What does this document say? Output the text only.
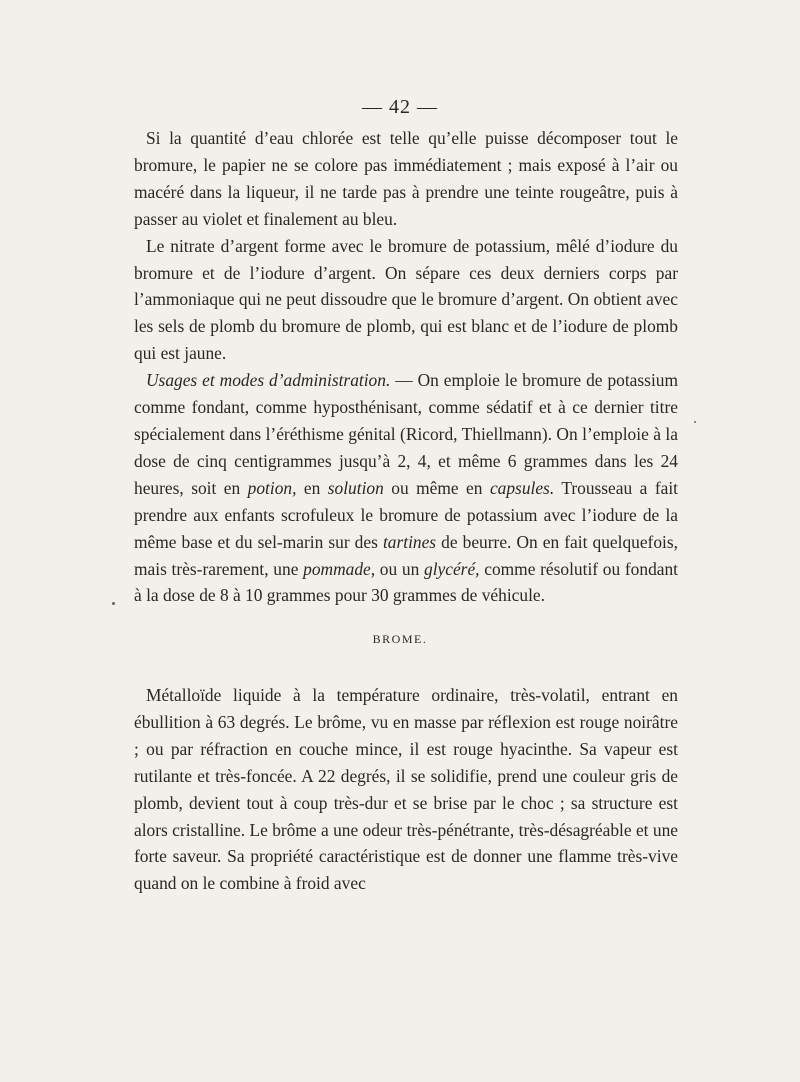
— 42 —

Si la quantité d’eau chlorée est telle qu’elle puisse décomposer tout le bromure, le papier ne se colore pas immédiatement ; mais exposé à l’air ou macéré dans la liqueur, il ne tarde pas à prendre une teinte rougeâtre, puis à passer au violet et finalement au bleu.

Le nitrate d’argent forme avec le bromure de potassium, mêlé d’iodure du bromure et de l’iodure d’argent. On sépare ces deux derniers corps par l’ammoniaque qui ne peut dissoudre que le bromure d’argent. On obtient avec les sels de plomb du bromure de plomb, qui est blanc et de l’iodure de plomb qui est jaune.

Usages et modes d’administration. — On emploie le bromure de potassium comme fondant, comme hyposthénisant, comme sédatif et à ce dernier titre spécialement dans l’éréthisme génital (Ricord, Thiellmann). On l’emploie à la dose de cinq centigrammes jusqu’à 2, 4, et même 6 grammes dans les 24 heures, soit en potion, en solution ou même en capsules. Trousseau a fait prendre aux enfants scrofuleux le bromure de potassium avec l’iodure de la même base et du sel-marin sur des tartines de beurre. On en fait quelquefois, mais très-rarement, une pommade, ou un glycéré, comme résolutif ou fondant à la dose de 8 à 10 grammes pour 30 grammes de véhicule.

BROME.

Métalloïde liquide à la température ordinaire, très-volatil, entrant en ébullition à 63 degrés. Le brôme, vu en masse par réflexion est rouge noirâtre ; ou par réfraction en couche mince, il est rouge hyacinthe. Sa vapeur est rutilante et très-foncée. A 22 degrés, il se solidifie, prend une couleur gris de plomb, devient tout à coup très-dur et se brise par le choc ; sa structure est alors cristalline. Le brôme a une odeur très-pénétrante, très-désagréable et une forte saveur. Sa propriété caractéristique est de donner une flamme très-vive quand on le combine à froid avec
